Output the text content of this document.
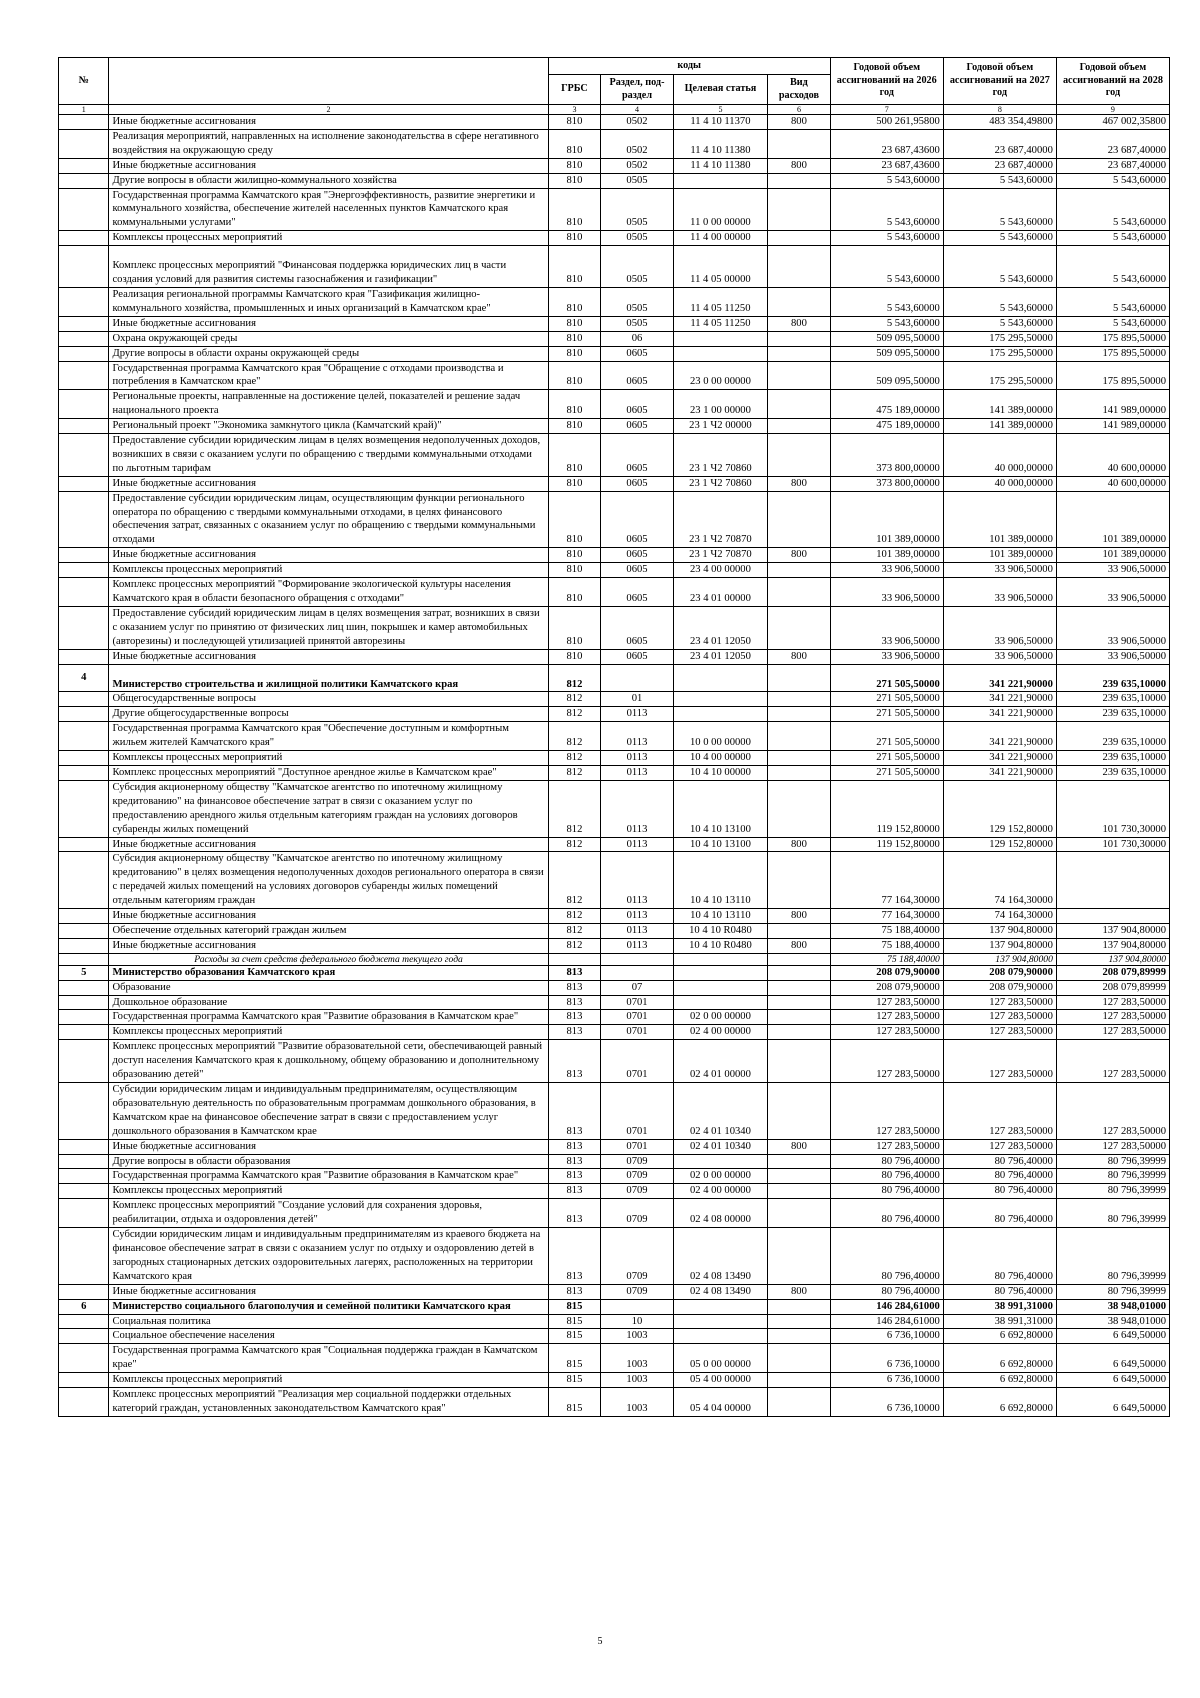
№		коды				Годовой объем ассигнований на 2026 год	Годовой объем ассигнований на 2027 год	Годовой объем ассигнований на 2028 год
		ГРБС	Раздел, под-раздел	Целевая статья	Вид расходов			
1	2	3	4	5	6	7	8	9
	Иные бюджетные ассигнования	810	0502	11 4 10 11370	800	500 261,95800	483 354,49800	467 002,35800
	Реализация мероприятий, направленных на исполнение законодательства в сфере негативного воздействия на окружающую среду	810	0502	11 4 10 11380		23 687,43600	23 687,40000	23 687,40000
	Иные бюджетные ассигнования	810	0502	11 4 10 11380	800	23 687,43600	23 687,40000	23 687,40000
	Другие вопросы в области жилищно-коммунального хозяйства	810	0505			5 543,60000	5 543,60000	5 543,60000
	Государственная программа Камчатского края "Энергоэффективность, развитие энергетики и коммунального хозяйства, обеспечение жителей населенных пунктов Камчатского края коммунальными услугами"	810	0505	11 0 00 00000		5 543,60000	5 543,60000	5 543,60000
	Комплексы процессных мероприятий	810	0505	11 4 00 00000		5 543,60000	5 543,60000	5 543,60000
	Комплекс процессных мероприятий "Финансовая поддержка юридических лиц в части создания условий для развития системы газоснабжения и газификации"	810	0505	11 4 05 00000		5 543,60000	5 543,60000	5 543,60000
	Реализация региональной программы Камчатского края "Газификация жилищно-коммунального хозяйства, промышленных и иных организаций в Камчатском крае"	810	0505	11 4 05 11250		5 543,60000	5 543,60000	5 543,60000
	Иные бюджетные ассигнования	810	0505	11 4 05 11250	800	5 543,60000	5 543,60000	5 543,60000
	Охрана окружающей среды	810	06			509 095,50000	175 295,50000	175 895,50000
	Другие вопросы в области охраны окружающей среды	810	0605			509 095,50000	175 295,50000	175 895,50000
	Государственная программа Камчатского края "Обращение с отходами производства и потребления в Камчатском крае"	810	0605	23 0 00 00000		509 095,50000	175 295,50000	175 895,50000
	Региональные проекты, направленные на достижение целей, показателей и решение задач национального проекта	810	0605	23 1 00 00000		475 189,00000	141 389,00000	141 989,00000
	Региональный проект "Экономика замкнутого цикла (Камчатский край)"	810	0605	23 1 Ч2 00000		475 189,00000	141 389,00000	141 989,00000
	Предоставление субсидии юридическим лицам в целях возмещения недополученных доходов, возникших в связи с оказанием услуги по обращению с твердыми коммунальными отходами по льготным тарифам	810	0605	23 1 Ч2 70860		373 800,00000	40 000,00000	40 600,00000
	Иные бюджетные ассигнования	810	0605	23 1 Ч2 70860	800	373 800,00000	40 000,00000	40 600,00000
	Предоставление субсидии юридическим лицам, осуществляющим функции регионального оператора по обращению с твердыми коммунальными отходами, в целях финансового обеспечения затрат, связанных с оказанием услуг по обращению с твердыми коммунальными отходами	810	0605	23 1 Ч2 70870		101 389,00000	101 389,00000	101 389,00000
	Иные бюджетные ассигнования	810	0605	23 1 Ч2 70870	800	101 389,00000	101 389,00000	101 389,00000
	Комплексы процессных мероприятий	810	0605	23 4 00 00000		33 906,50000	33 906,50000	33 906,50000
	Комплекс процессных мероприятий "Формирование экологической культуры населения Камчатского края в области безопасного обращения с отходами"	810	0605	23 4 01 00000		33 906,50000	33 906,50000	33 906,50000
	Предоставление субсидий юридическим лицам в целях возмещения затрат, возникших в связи с оказанием услуг по принятию от физических лиц шин, покрышек и камер автомобильных (авторезины) и последующей утилизацией принятой авторезины	810	0605	23 4 01 12050		33 906,50000	33 906,50000	33 906,50000
	Иные бюджетные ассигнования	810	0605	23 4 01 12050	800	33 906,50000	33 906,50000	33 906,50000
4	Министерство строительства и жилищной политики Камчатского края	812				271 505,50000	341 221,90000	239 635,10000
	Общегосударственные вопросы	812	01			271 505,50000	341 221,90000	239 635,10000
	Другие общегосударственные вопросы	812	0113			271 505,50000	341 221,90000	239 635,10000
	Государственная программа Камчатского края "Обеспечение доступным и комфортным жильем жителей Камчатского края"	812	0113	10 0 00 00000		271 505,50000	341 221,90000	239 635,10000
	Комплексы процессных мероприятий	812	0113	10 4 00 00000		271 505,50000	341 221,90000	239 635,10000
	Комплекс процессных мероприятий "Доступное арендное жилье в Камчатском крае"	812	0113	10 4 10 00000		271 505,50000	341 221,90000	239 635,10000
	Субсидия акционерному обществу "Камчатское агентство по ипотечному жилищному кредитованию" на финансовое обеспечение затрат в связи с оказанием услуг по предоставлению арендного жилья отдельным категориям граждан на условиях договоров субаренды жилых помещений	812	0113	10 4 10 13100		119 152,80000	129 152,80000	101 730,30000
	Иные бюджетные ассигнования	812	0113	10 4 10 13100	800	119 152,80000	129 152,80000	101 730,30000
	Субсидия акционерному обществу "Камчатское агентство по ипотечному жилищному кредитованию" в целях возмещения недополученных доходов регионального оператора в связи с передачей жилых помещений на условиях договоров субаренды жилых помещений отдельным категориям граждан	812	0113	10 4 10 13110		77 164,30000	74 164,30000	
	Иные бюджетные ассигнования	812	0113	10 4 10 13110	800	77 164,30000	74 164,30000	
	Обеспечение отдельных категорий граждан жильем	812	0113	10 4 10 R0480		75 188,40000	137 904,80000	137 904,80000
	Иные бюджетные ассигнования	812	0113	10 4 10 R0480	800	75 188,40000	137 904,80000	137 904,80000
	Расходы за счет средств федерального бюджета текущего года					75 188,40000	137 904,80000	137 904,80000
5	Министерство образования Камчатского края	813				208 079,90000	208 079,90000	208 079,89999
	Образование	813	07			208 079,90000	208 079,90000	208 079,89999
	Дошкольное образование	813	0701			127 283,50000	127 283,50000	127 283,50000
	Государственная программа Камчатского края "Развитие образования в Камчатском крае"	813	0701	02 0 00 00000		127 283,50000	127 283,50000	127 283,50000
	Комплексы процессных мероприятий	813	0701	02 4 00 00000		127 283,50000	127 283,50000	127 283,50000
	Комплекс процессных мероприятий "Развитие образовательной сети, обеспечивающей равный доступ населения Камчатского края к дошкольному, общему образованию и дополнительному образованию детей"	813	0701	02 4 01 00000		127 283,50000	127 283,50000	127 283,50000
	Субсидии юридическим лицам и индивидуальным предпринимателям, осуществляющим образовательную деятельность по образовательным программам дошкольного образования, в Камчатском крае на финансовое обеспечение затрат в связи с предоставлением услуг дошкольного образования в Камчатском крае	813	0701	02 4 01 10340		127 283,50000	127 283,50000	127 283,50000
	Иные бюджетные ассигнования	813	0701	02 4 01 10340	800	127 283,50000	127 283,50000	127 283,50000
	Другие вопросы в области образования	813	0709			80 796,40000	80 796,40000	80 796,39999
	Государственная программа Камчатского края "Развитие образования в Камчатском крае"	813	0709	02 0 00 00000		80 796,40000	80 796,40000	80 796,39999
	Комплексы процессных мероприятий	813	0709	02 4 00 00000		80 796,40000	80 796,40000	80 796,39999
	Комплекс процессных мероприятий "Создание условий для сохранения здоровья, реабилитации, отдыха и оздоровления детей"	813	0709	02 4 08 00000		80 796,40000	80 796,40000	80 796,39999
	Субсидии юридическим лицам и индивидуальным предпринимателям из краевого бюджета на финансовое обеспечение затрат в связи с оказанием услуг по отдыху и оздоровлению детей в загородных стационарных детских оздоровительных лагерях, расположенных на территории Камчатского края	813	0709	02 4 08 13490		80 796,40000	80 796,40000	80 796,39999
	Иные бюджетные ассигнования	813	0709	02 4 08 13490	800	80 796,40000	80 796,40000	80 796,39999
6	Министерство социального благополучия и семейной политики Камчатского края	815				146 284,61000	38 991,31000	38 948,01000
	Социальная политика	815	10			146 284,61000	38 991,31000	38 948,01000
	Социальное обеспечение населения	815	1003			6 736,10000	6 692,80000	6 649,50000
	Государственная программа Камчатского края "Социальная поддержка граждан в Камчатском крае"	815	1003	05 0 00 00000		6 736,10000	6 692,80000	6 649,50000
	Комплексы процессных мероприятий	815	1003	05 4 00 00000		6 736,10000	6 692,80000	6 649,50000
	Комплекс процессных мероприятий "Реализация мер социальной поддержки отдельных категорий граждан, установленных законодательством Камчатского края"	815	1003	05 4 04 00000		6 736,10000	6 692,80000	6 649,50000
5
